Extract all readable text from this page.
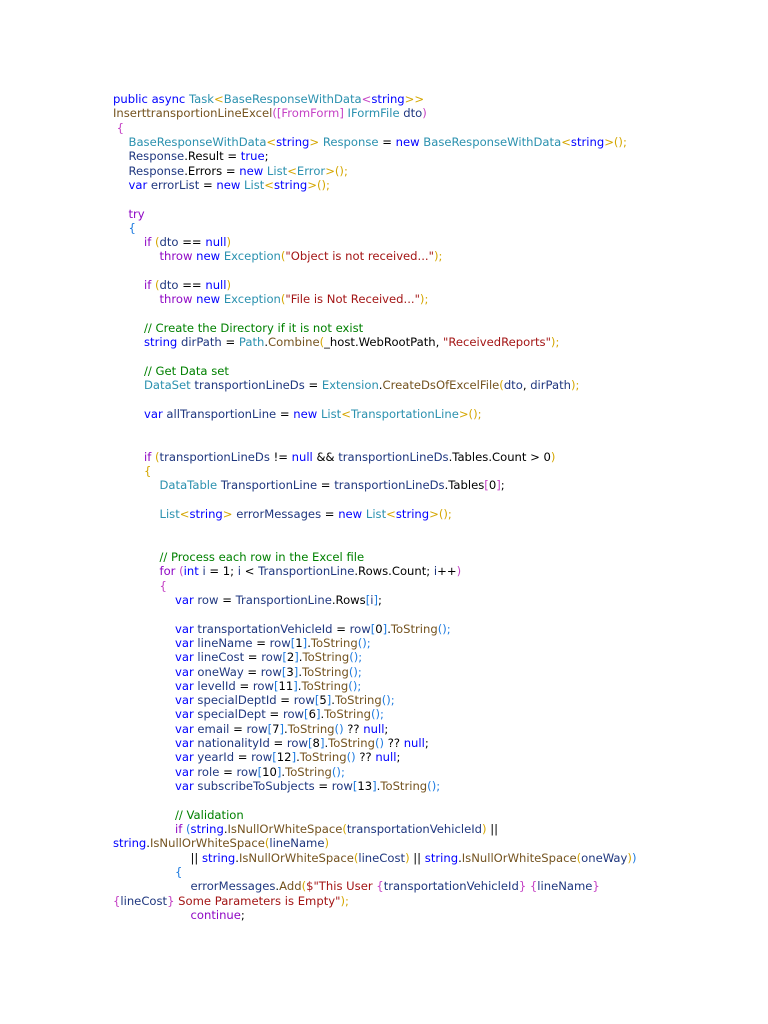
public async Task<BaseResponseWithData<string>>
InserttransportionLineExcel([FromForm] IFormFile dto)
{
BaseResponseWithData<string> Response = new BaseResponseWithData<string>();
Response.Result = true;
Response.Errors = new List<Error>();
var errorList = new List<string>();
try
{
if (dto == null)
throw new Exception("Object is not received...");
if (dto == null)
throw new Exception("File is Not Received...");
// Create the Directory if it is not exist
string dirPath = Path.Combine(_host.WebRootPath, "ReceivedReports");
// Get Data set
DataSet transportionLineDs = Extension.CreateDsOfExcelFile(dto, dirPath);
var allTransportionLine = new List<TransportationLine>();
if (transportionLineDs != null && transportionLineDs.Tables.Count > 0)
{
DataTable TransportionLine = transportionLineDs.Tables[0];
List<string> errorMessages = new List<string>();
// Process each row in the Excel file
for (int i = 1; i < TransportionLine.Rows.Count; i++)
{
var row = TransportionLine.Rows[i];
var transportationVehicleId = row[0].ToString();
var lineName = row[1].ToString();
var lineCost = row[2].ToString();
var oneWay = row[3].ToString();
var levelId = row[11].ToString();
var specialDeptId = row[5].ToString();
var specialDept = row[6].ToString();
var email = row[7].ToString() ?? null;
var nationalityId = row[8].ToString() ?? null;
var yearId = row[12].ToString() ?? null;
var role = row[10].ToString();
var subscribeToSubjects = row[13].ToString();
// Validation
if (string.IsNullOrWhiteSpace(transportationVehicleId) ||
string.IsNullOrWhiteSpace(lineName)
|| string.IsNullOrWhiteSpace(lineCost) || string.IsNullOrWhiteSpace(oneWay))
{
errorMessages.Add($"This User {transportationVehicleId} {lineName}
{lineCost} Some Parameters is Empty");
continue;
